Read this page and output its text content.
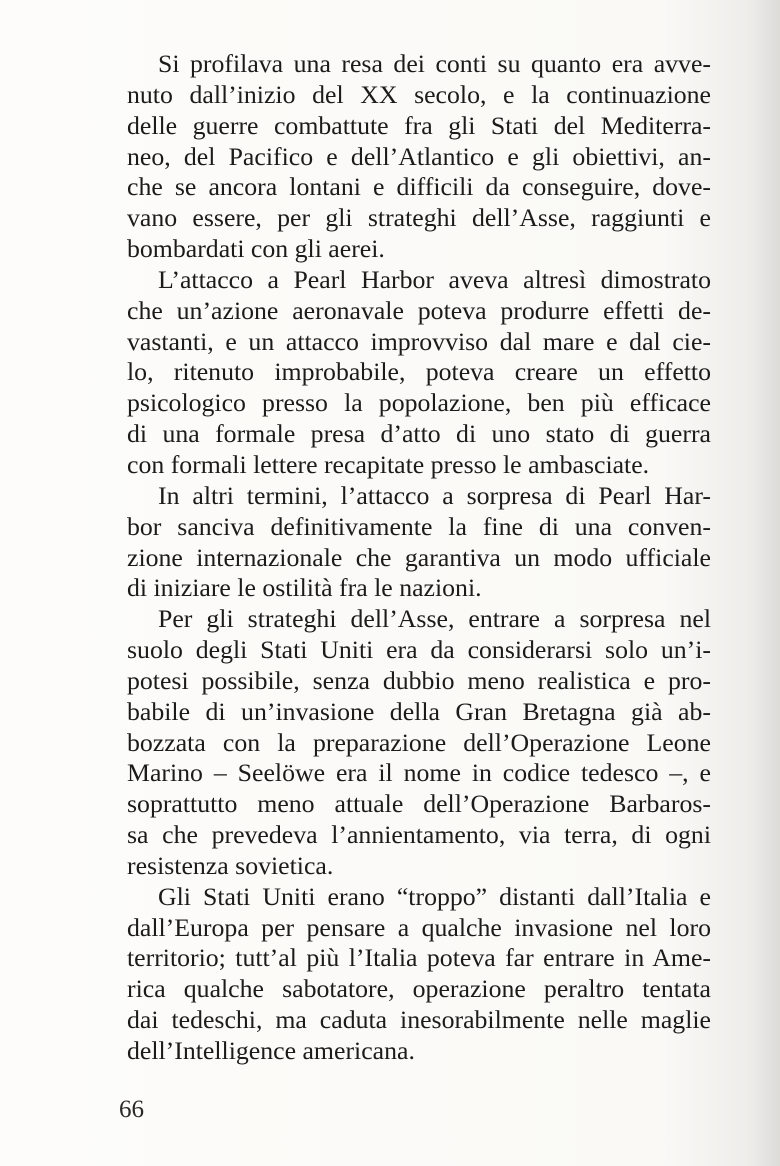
Si profilava una resa dei conti su quanto era avve-
nuto dall’inizio del XX secolo, e la continuazione
delle guerre combattute fra gli Stati del Mediterra-
neo, del Pacifico e dell’Atlantico e gli obiettivi, an-
che se ancora lontani e difficili da conseguire, dove-
vano essere, per gli strateghi dell’Asse, raggiunti e
bombardati con gli aerei.
L’attacco a Pearl Harbor aveva altresì dimostrato
che un’azione aeronavale poteva produrre effetti de-
vastanti, e un attacco improvviso dal mare e dal cie-
lo, ritenuto improbabile, poteva creare un effetto
psicologico presso la popolazione, ben più efficace
di una formale presa d’atto di uno stato di guerra
con formali lettere recapitate presso le ambasciate.
In altri termini, l’attacco a sorpresa di Pearl Har-
bor sanciva definitivamente la fine di una conven-
zione internazionale che garantiva un modo ufficiale
di iniziare le ostilità fra le nazioni.
Per gli strateghi dell’Asse, entrare a sorpresa nel
suolo degli Stati Uniti era da considerarsi solo un’i-
potesi possibile, senza dubbio meno realistica e pro-
babile di un’invasione della Gran Bretagna già ab-
bozzata con la preparazione dell’Operazione Leone
Marino – Seelöwe era il nome in codice tedesco –, e
soprattutto meno attuale dell’Operazione Barbaros-
sa che prevedeva l’annientamento, via terra, di ogni
resistenza sovietica.
Gli Stati Uniti erano “troppo” distanti dall’Italia e
dall’Europa per pensare a qualche invasione nel loro
territorio; tutt’al più l’Italia poteva far entrare in Ame-
rica qualche sabotatore, operazione peraltro tentata
dai tedeschi, ma caduta inesorabilmente nelle maglie
dell’Intelligence americana.
66
